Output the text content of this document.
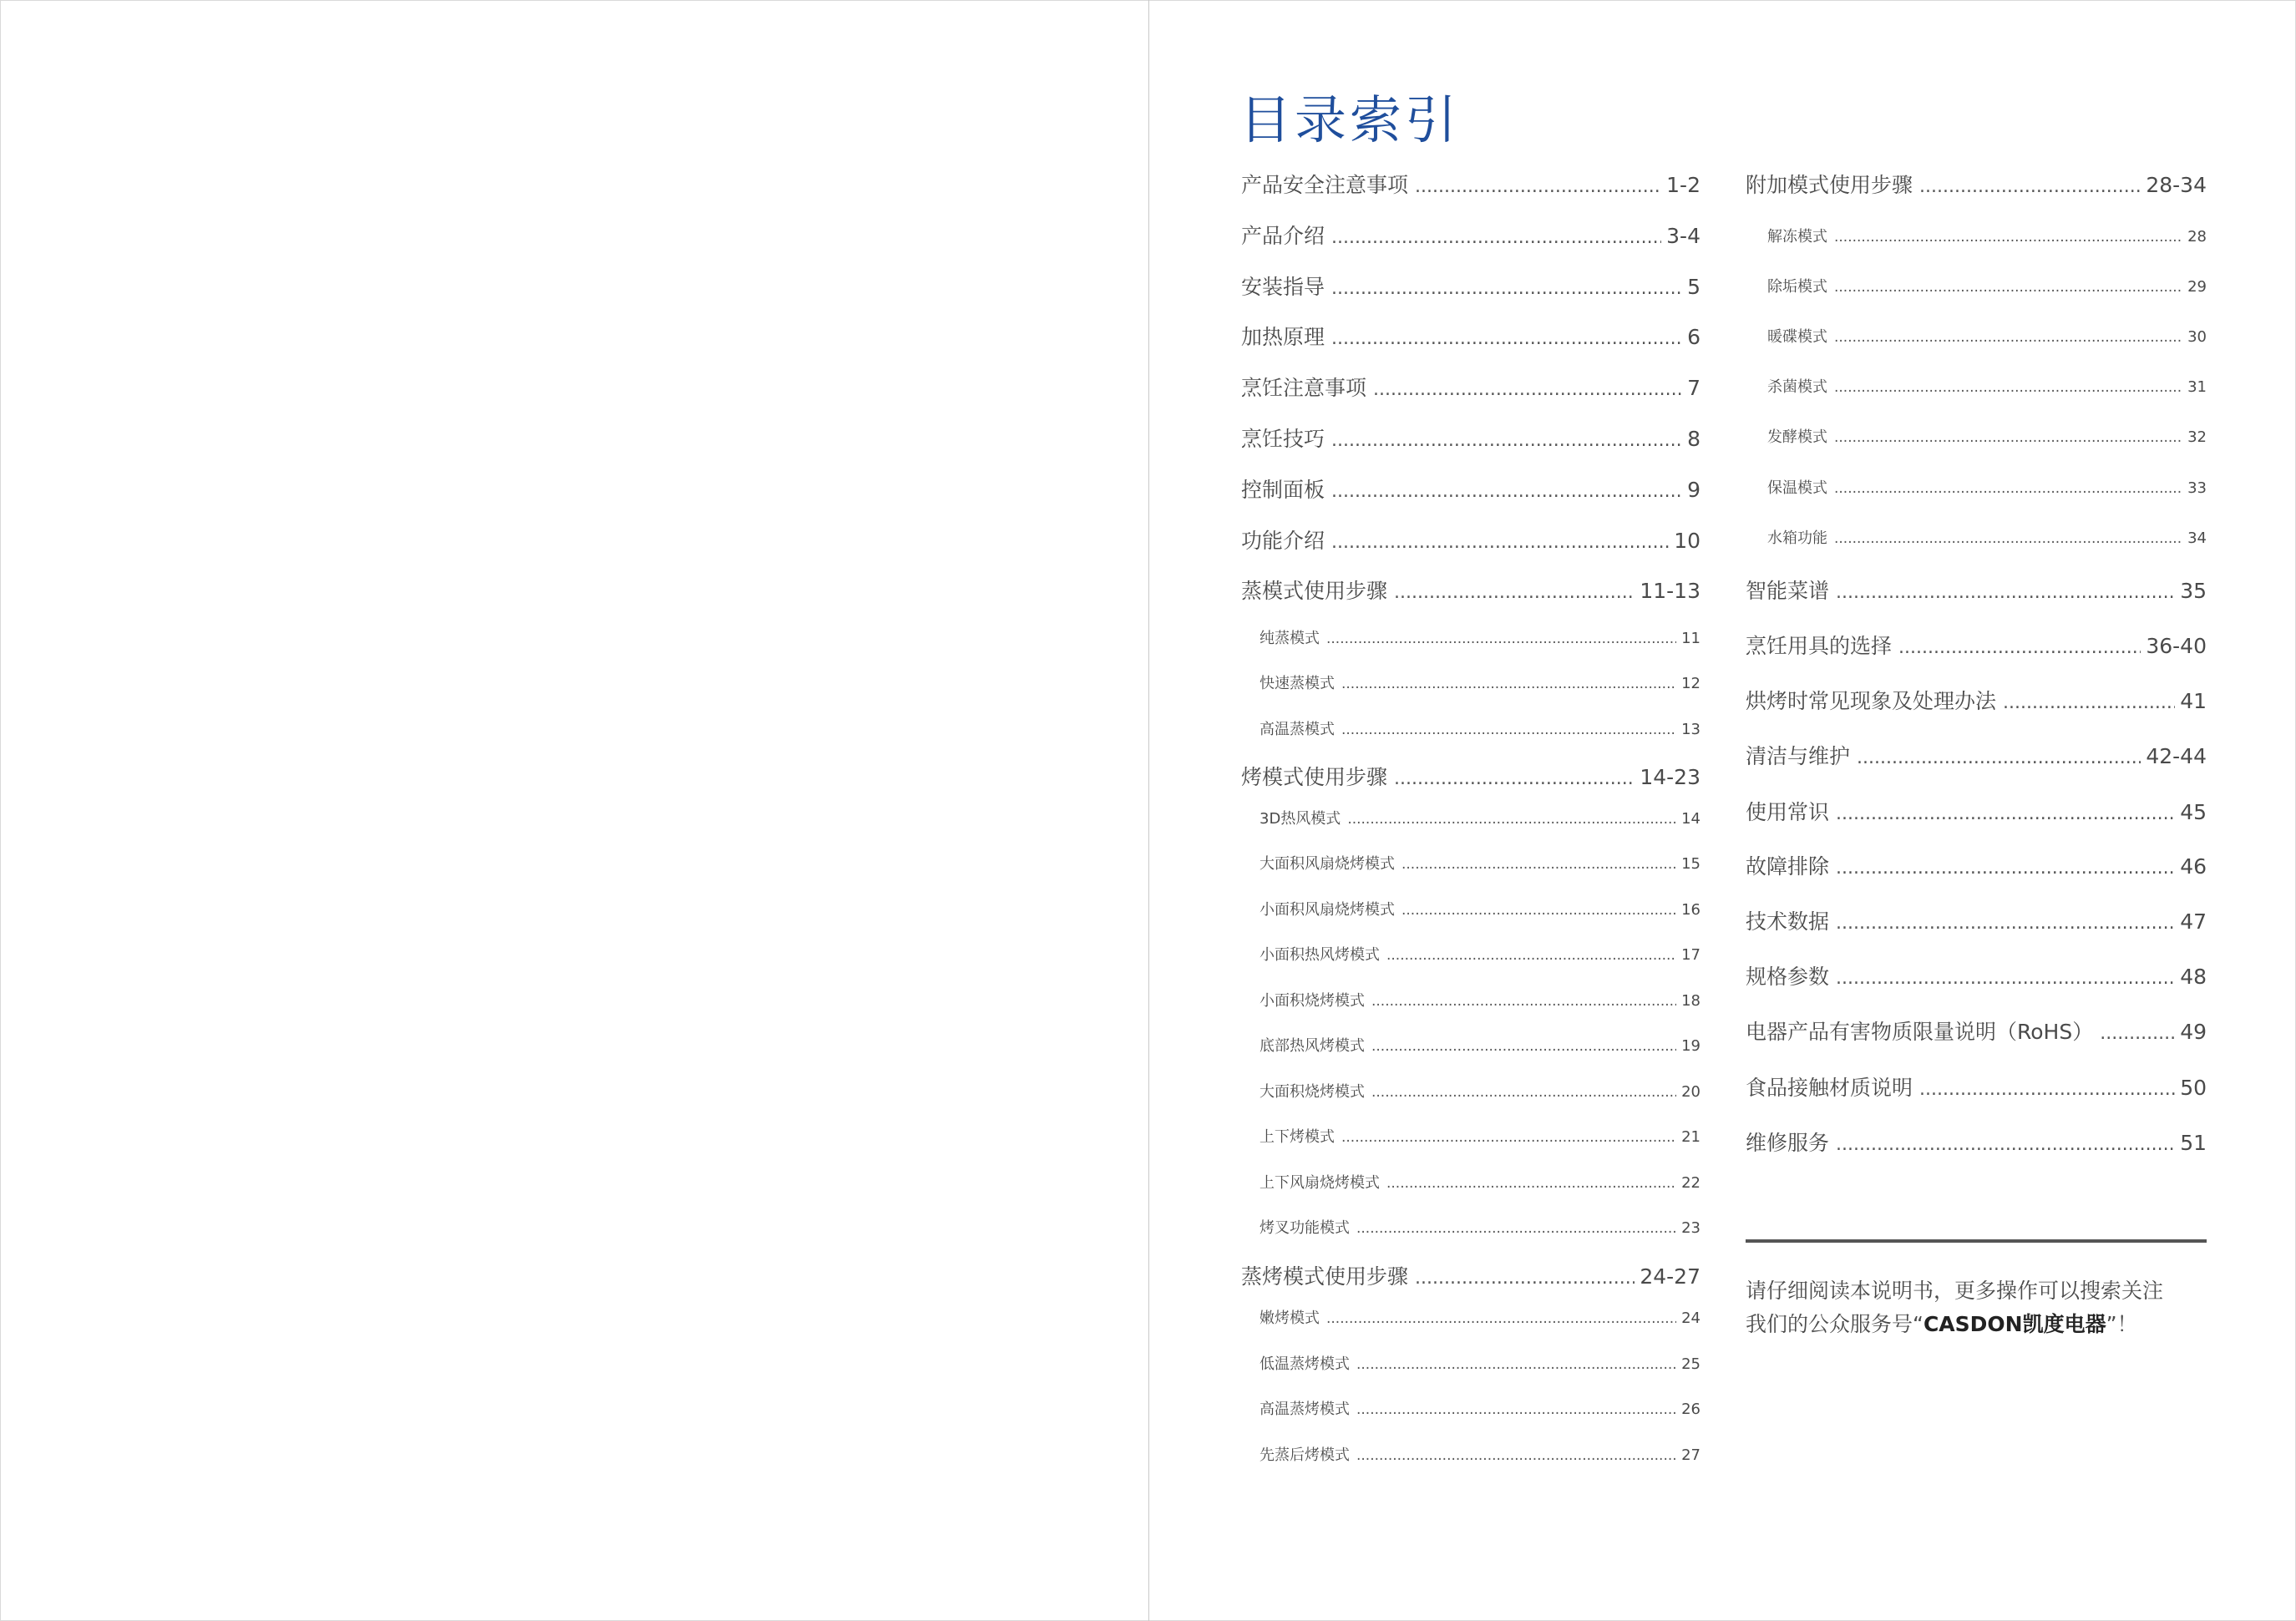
目录索引
产品安全注意事项 .....	1-2
产品介绍 .....	3-4
安装指导 .....	5
加热原理 .....	6
烹饪注意事项 .....	7
烹饪技巧 .....	8
控制面板 .....	9
功能介绍 .....	10
蒸模式使用步骤 .....	11-13
纯蒸模式 .....	11
快速蒸模式 .....	12
高温蒸模式 .....	13
烤模式使用步骤 .....	14-23
3D热风模式 .....	14
大面积风扇烧烤模式 .....	15
小面积风扇烧烤模式 .....	16
小面积热风烤模式 .....	17
小面积烧烤模式 .....	18
底部热风烤模式 .....	19
大面积烧烤模式 .....	20
上下烤模式 .....	21
上下风扇烧烤模式 .....	22
烤叉功能模式 .....	23
蒸烤模式使用步骤 .....	24-27
嫩烤模式 .....	24
低温蒸烤模式 .....	25
高温蒸烤模式 .....	26
先蒸后烤模式 .....	27
附加模式使用步骤 .....	28-34
解冻模式 .....	28
除垢模式 .....	29
暖碟模式 .....	30
杀菌模式 .....	31
发酵模式 .....	32
保温模式 .....	33
水箱功能 .....	34
智能菜谱 .....	35
烹饪用具的选择 .....	36-40
烘烤时常见现象及处理办法 .....	41
清洁与维护 .....	42-44
使用常识 .....	45
故障排除 .....	46
技术数据 .....	47
规格参数 .....	48
电器产品有害物质限量说明（RoHS） .....	49
食品接触材质说明 .....	50
维修服务 .....	51
请仔细阅读本说明书，更多操作可以搜索关注
我们的公众服务号“CASDON凯度电器”！
